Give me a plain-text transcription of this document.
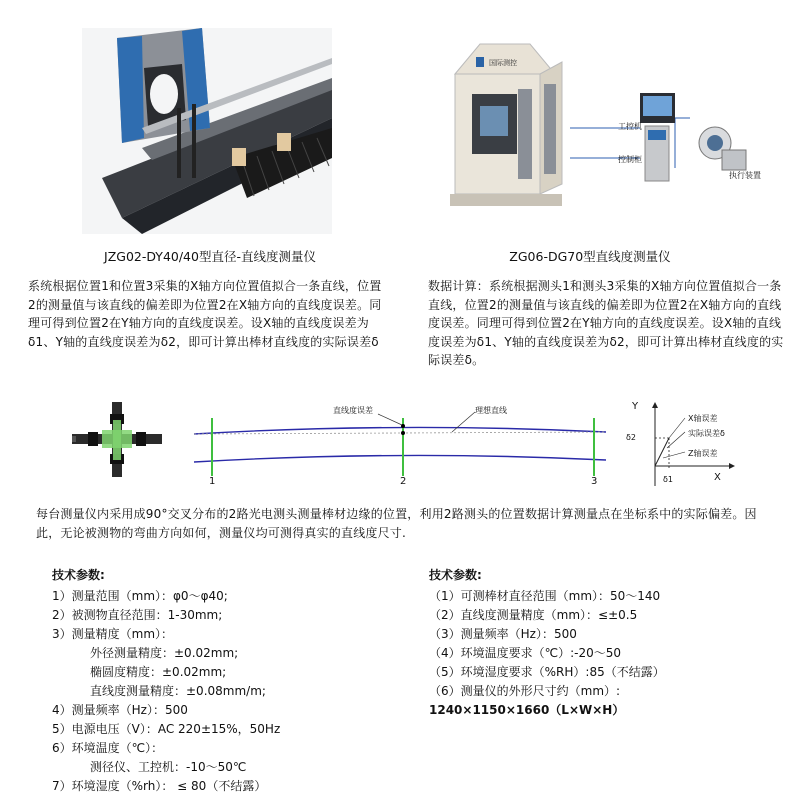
JZG02-DY40/40型直径-直线度测量仪
国际测控
工控机
控制柜
执行装置
ZG06-DG70型直线度测量仪
系统根据位置1和位置3采集的X轴方向位置值拟合一条直线，位置2的测量值与该直线的偏差即为位置2在X轴方向的直线度误差。同理可得到位置2在Y轴方向的直线度误差。设X轴的直线度误差为δ1、Y轴的直线度误差为δ2，即可计算出棒材直线度的实际误差δ
数据计算：系统根据测头1和测头3采集的X轴方向位置值拟合一条直线，位置2的测量值与该直线的偏差即为位置2在X轴方向的直线度误差。同理可得到位置2在Y轴方向的直线度误差。设X轴的直线度误差为δ1、Y轴的直线度误差为δ2，即可计算出棒材直线度的实际误差δ。
直线度误差	理想直线
1	2	3
Y
X
δ2
δ1
X轴误差
实际误差δ
Z轴误差
每台测量仪内采用成90°交叉分布的2路光电测头测量棒材边缘的位置，利用2路测头的位置数据计算测量点在坐标系中的实际偏差。因此，无论被测物的弯曲方向如何，测量仪均可测得真实的直线度尺寸.
技术参数:
1）测量范围（mm）：φ0～φ40;
2）被测物直径范围：1-30mm;
3）测量精度（mm）：
外径测量精度：±0.02mm;
椭圆度精度：±0.02mm;
直线度测量精度：±0.08mm/m;
4）测量频率（Hz）：500
5）电源电压（V）：AC 220±15%，50Hz
6）环境温度（℃）：
测径仪、工控机：-10～50℃
7）环境湿度（%rh）： ≤ 80（不结露）
技术参数:
（1）可测棒材直径范围（mm）：50～140
（2）直线度测量精度（mm）：≤±0.5
（3）测量频率（Hz）：500
（4）环境温度要求（℃）:-20～50
（5）环境湿度要求（%RH）:85（不结露）
（6）测量仪的外形尺寸约（mm）:
1240×1150×1660（L×W×H）
